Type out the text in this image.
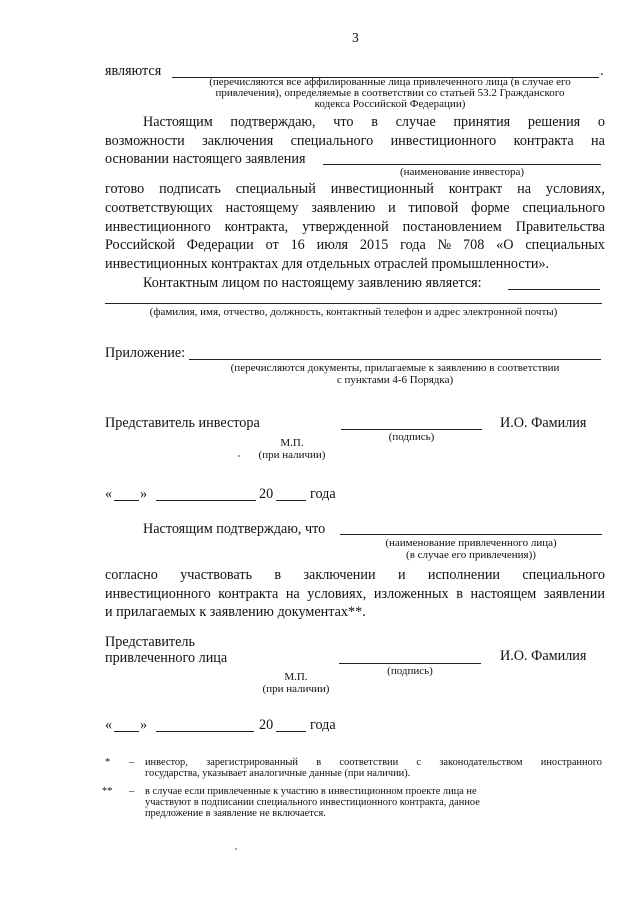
3
являются	.
(перечисляются все аффилированные лица привлеченного лица (в случае его
привлечения), определяемые в соответствии со статьей 53.2 Гражданского
кодекса Российской Федерации)
Настоящим подтверждаю, что в случае принятия решения о
возможности заключения специального инвестиционного контракта на
основании настоящего заявления
(наименование инвестора)
готово подписать специальный инвестиционный контракт на условиях,
соответствующих настоящему заявлению и типовой форме специального
инвестиционного контракта, утвержденной постановлением Правительства
Российской Федерации от 16 июля 2015 года № 708 «О специальных
инвестиционных контрактах для отдельных отраслей промышленности».
Контактным лицом по настоящему заявлению является:
(фамилия, имя, отчество, должность, контактный телефон и адрес электронной почты)
Приложение:
(перечисляются документы, прилагаемые к заявлению в соответствии
с пунктами 4-6 Порядка)
Представитель инвестора
(подпись)
И.О. Фамилия
М.П.
(при наличии)
« »	20	года
Настоящим подтверждаю, что
(наименование привлеченного лица)
(в случае его привлечения))
согласно участвовать в заключении и исполнении специального
инвестиционного контракта на условиях, изложенных в настоящем заявлении
и прилагаемых к заявлению документах**.
Представитель
привлеченного лица
(подпись)
И.О. Фамилия
М.П.
(при наличии)
« »	20	года
* – инвестор, зарегистрированный в соответствии с законодательством иностранного
государства, указывает аналогичные данные (при наличии).
** – в случае если привлеченные к участию в инвестиционном проекте лица не
участвуют в подписании специального инвестиционного контракта, данное
предложение в заявление не включается.
